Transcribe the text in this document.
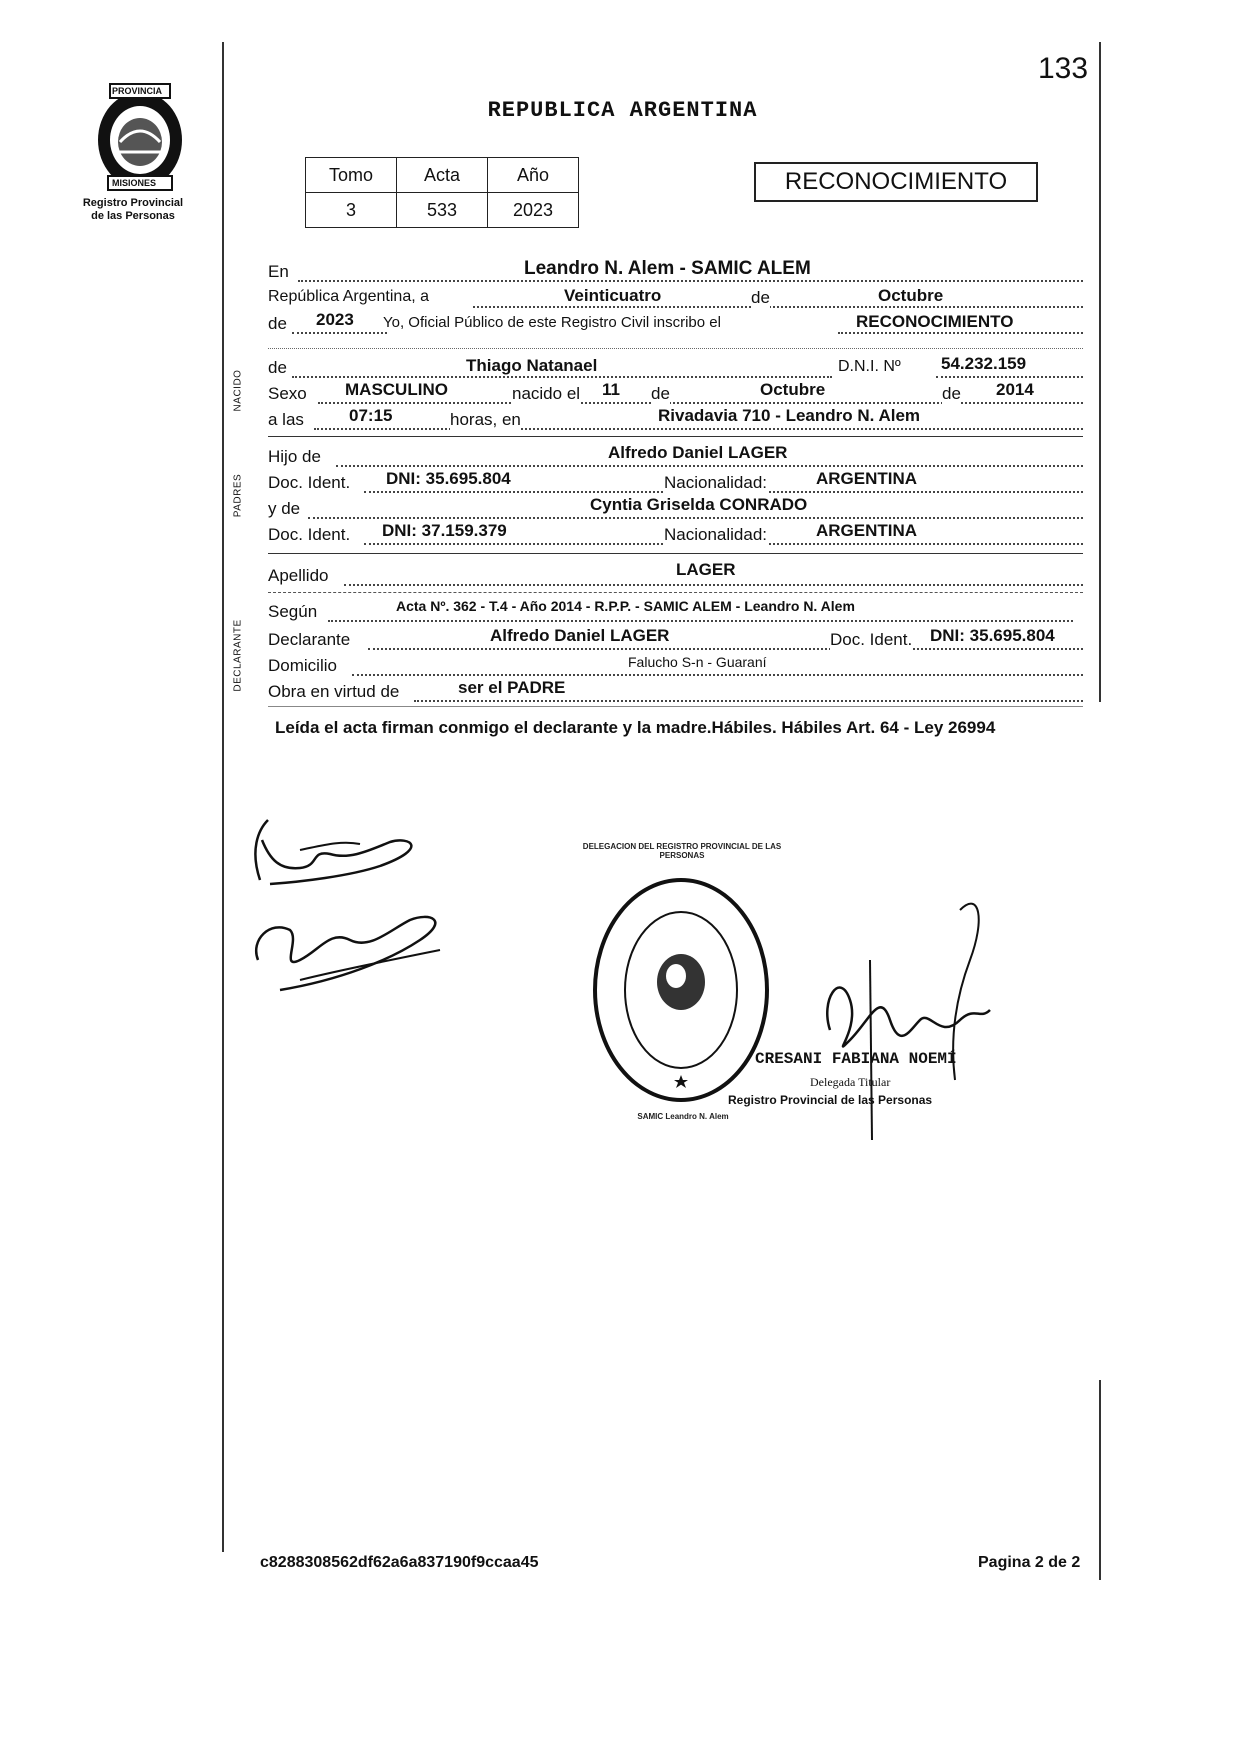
133
PROVINCIA
MISIONES
Registro Provincial
de las Personas
REPUBLICA ARGENTINA
Tomo	Acta	Año
3	533	2023
RECONOCIMIENTO
En	Leandro N. Alem - SAMIC ALEM
República Argentina, a	Veinticuatro	de	Octubre
de 2023 Yo, Oficial Público de este Registro Civil inscribo el	RECONOCIMIENTO
NACIDO
de	Thiago Natanael	D.N.I. Nº 54.232.159
Sexo MASCULINO	nacido el 11 de	Octubre	de 2014
a las	07:15	horas, en	Rivadavia 710 - Leandro N. Alem
PADRES
Hijo de	Alfredo Daniel LAGER
Doc. Ident. DNI: 35.695.804	Nacionalidad:	ARGENTINA
y de	Cyntia Griselda CONRADO
Doc. Ident. DNI: 37.159.379	Nacionalidad:	ARGENTINA
Apellido	LAGER
DECLARANTE
Según	Acta Nº. 362 - T.4 - Año 2014 - R.P.P. - SAMIC ALEM - Leandro N. Alem
Declarante	Alfredo Daniel LAGER	Doc. Ident. DNI: 35.695.804
Domicilio	Falucho S-n - Guaraní
Obra en virtud de	ser el PADRE
Leída el acta firman conmigo el declarante y la madre.Hábiles. Hábiles Art. 64 - Ley 26994
DELEGACION DEL REGISTRO PROVINCIAL DE LAS PERSONAS
SAMIC Leandro N. Alem
CRESANI FABIANA NOEMÍ
Delegada Titular
Registro Provincial de las Personas
c8288308562df62a6a837190f9ccaa45	Pagina 2 de 2
